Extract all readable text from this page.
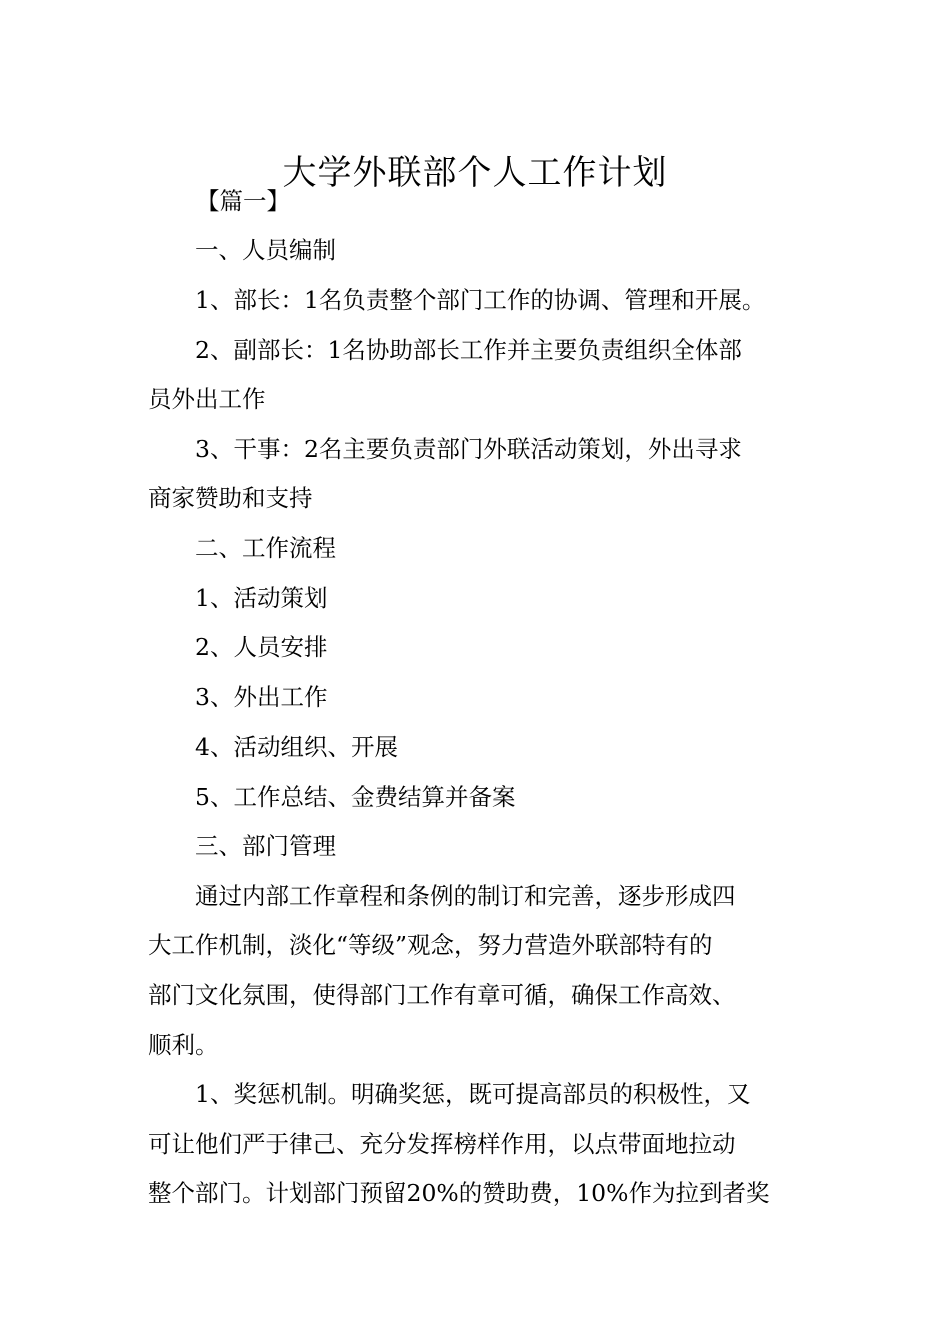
大学外联部个人工作计划
【篇一】
一、人员编制
1、部长：1名负责整个部门工作的协调、管理和开展。
2、副部长：1名协助部长工作并主要负责组织全体部
员外出工作
3、干事：2名主要负责部门外联活动策划，外出寻求
商家赞助和支持
二、工作流程
1、活动策划
2、人员安排
3、外出工作
4、活动组织、开展
5、工作总结、金费结算并备案
三、部门管理
通过内部工作章程和条例的制订和完善，逐步形成四
大工作机制，淡化“等级”观念，努力营造外联部特有的
部门文化氛围，使得部门工作有章可循，确保工作高效、
顺利。
1、奖惩机制。明确奖惩，既可提高部员的积极性，又
可让他们严于律己、充分发挥榜样作用，以点带面地拉动
整个部门。计划部门预留20%的赞助费，10%作为拉到者奖
